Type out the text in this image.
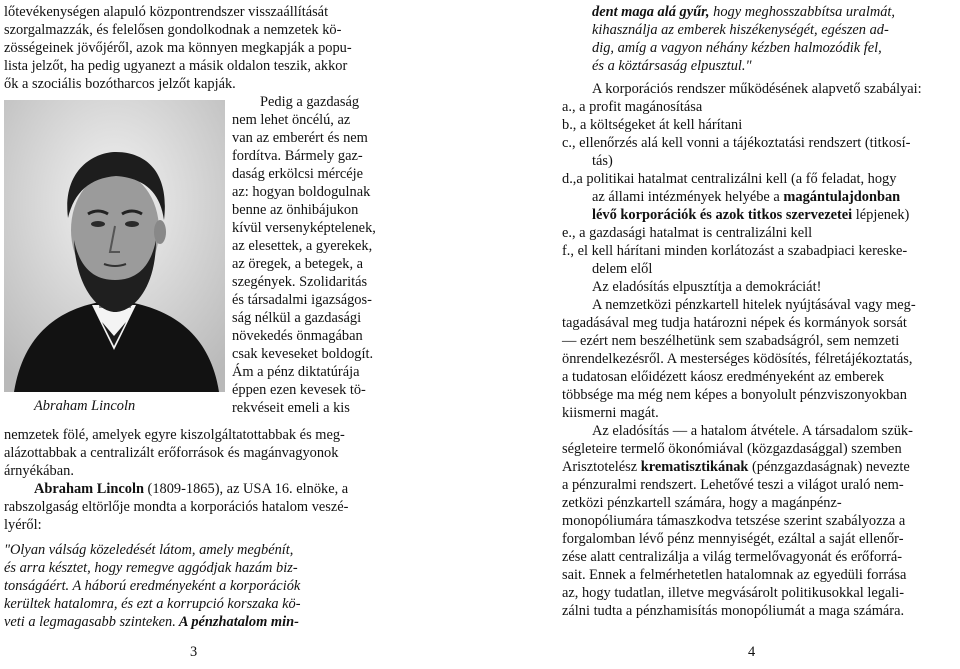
lőtevékenységen alapuló központrendszer visszaállítását

szorgalmazzák, és felelősen gondolkodnak a nemzetek kö-

zösségeinek jövőjéről, azok ma könnyen megkapják a popu-

lista jelzőt, ha pedig ugyanezt a másik oldalon teszik, akkor

ők a szociális bozótharcos jelzőt kapják.

Abraham Lincoln

Pedig a gazdaság

nem lehet öncélú, az

van az emberért és nem

fordítva. Bármely gaz-

daság erkölcsi mércéje

az: hogyan boldogulnak

benne az önhibájukon

kívül versenyképtelenek,

az elesettek, a gyerekek,

az öregek, a betegek, a

szegények. Szolidaritás

és társadalmi igazságos-

ság nélkül a gazdasági

növekedés önmagában

csak keveseket boldogít.

Ám a pénz diktatúrája

éppen ezen kevesek tö-

rekvéseit emeli a kis

nemzetek fölé, amelyek egyre kiszolgáltatottabbak és meg-

alázottabbak a centralizált erőforrások és magánvagyonok

árnyékában.

Abraham Lincoln (1809-1865), az USA 16. elnöke, a

rabszolgaság eltörlője mondta a korporációs hatalom veszé-

lyéről:

"Olyan válság közeledését látom, amely megbénít,

és arra késztet, hogy remegve aggódjak hazám biz-

tonságáért. A háború eredményeként a korporációk

kerültek hatalomra, és ezt a korrupció korszaka kö-

veti a legmagasabb szinteken. A pénzhatalom min-

3

dent maga alá gyűr, hogy meghosszabbítsa uralmát,

kihasználja az emberek hiszékenységét, egészen ad-

dig, amíg a vagyon néhány kézben halmozódik fel,

és a köztársaság elpusztul."

A korporációs rendszer működésének alapvető szabályai:

a., a profit magánosítása

b., a költségeket át kell hárítani

c., ellenőrzés alá kell vonni a tájékoztatási rendszert (titkosí-

tás)

d.,a politikai hatalmat centralizálni kell (a fő feladat, hogy

az állami intézmények helyébe a magántulajdonban

lévő korporációk és azok titkos szervezetei lépjenek)

e., a gazdasági hatalmat is centralizálni kell

f., el kell hárítani minden korlátozást a szabadpiaci kereske-

delem elől

Az eladósítás elpusztítja a demokráciát!

A nemzetközi pénzkartell hitelek nyújtásával vagy meg-

tagadásával meg tudja határozni népek és kormányok sorsát

— ezért nem beszélhetünk sem szabadságról, sem nemzeti

önrendelkezésről. A mesterséges ködösítés, félretájékoztatás,

a tudatosan előidézett káosz eredményeként az emberek

többsége ma még nem képes a bonyolult pénzviszonyokban

kiismerni magát.

Az eladósítás — a hatalom átvétele. A társadalom szük-

ségleteire termelő ökonómiával (közgazdasággal) szemben

Arisztotelész krematisztikának (pénzgazdaságnak) nevezte

a pénzuralmi rendszert. Lehetővé teszi a világot uraló nem-

zetközi pénzkartell számára, hogy a magánpénz-

monopóliumára támaszkodva tetszése szerint szabályozza a

forgalomban lévő pénz mennyiségét, ezáltal a saját ellenőr-

zése alatt centralizálja a világ termelővagyonát és erőforrá-

sait. Ennek a felmérhetetlen hatalomnak az egyedüli forrása

az, hogy tudatlan, illetve megvásárolt politikusokkal legali-

zálni tudta a pénzhamisítás monopóliumát a maga számára.

4
